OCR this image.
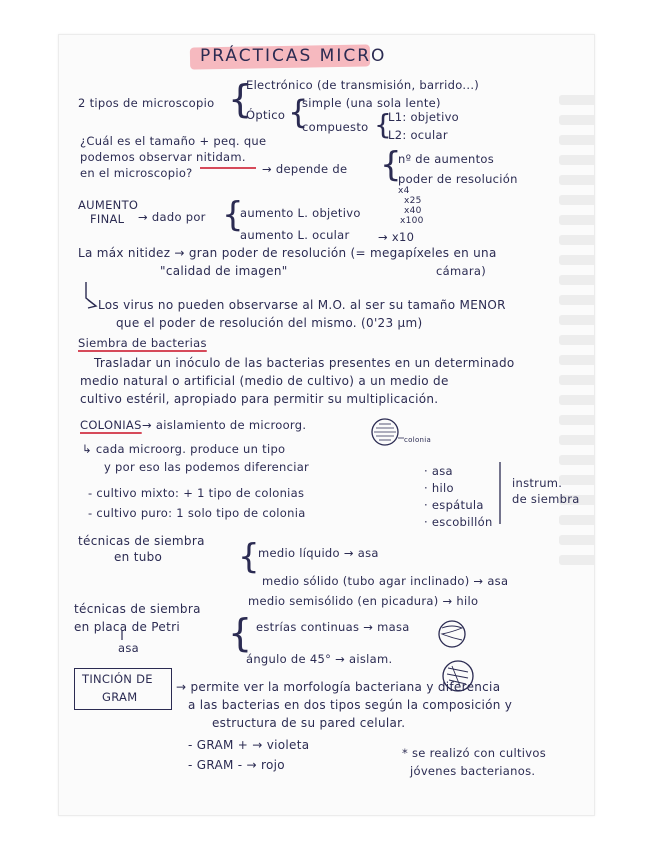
PRÁCTICAS MICRO
2 tipos de microscopio {
Electrónico (de transmisión, barrido...)
Óptico {
simple (una sola lente)
compuesto {
L1: objetivo
L2: ocular
¿Cuál es el tamaño + peq. que
podemos observar nitidam.
en el microscopio?	→ depende de {
nº de aumentos
poder de resolución
AUMENTO
FINAL → dado por {
aumento L. objetivo
aumento L. ocular
x4
x25
x40
x100
→ x10
La máx nitidez → gran poder de resolución (= megapíxeles en una
"calidad de imagen"	cámara)
Los virus no pueden observarse al M.O. al ser su tamaño MENOR
que el poder de resolución del mismo. (0'23 µm)
Siembra de bacterias
Trasladar un inóculo de las bacterias presentes en un determinado
medio natural o artificial (medio de cultivo) a un medio de
cultivo estéril, apropiado para permitir su multiplicación.
COLONIAS → aislamiento de microorg.
colonia
↳ cada microorg. produce un tipo
y por eso las podemos diferenciar
- cultivo mixto: + 1 tipo de colonias
- cultivo puro: 1 solo tipo de colonia
· asa
· hilo
· espátula
· escobillón
instrum.
de siembra
técnicas de siembra
en tubo {
medio líquido → asa
medio sólido (tubo agar inclinado) → asa
medio semisólido (en picadura) → hilo
técnicas de siembra
en placa de Petri
asa { estrías continuas → masa
ángulo de 45° → aislam.
TINCIÓN DE
GRAM
→ permite ver la morfología bacteriana y diferencia
a las bacterias en dos tipos según la composición y
estructura de su pared celular.
- GRAM + → violeta
- GRAM - → rojo
* se realizó con cultivos
jóvenes bacterianos.
